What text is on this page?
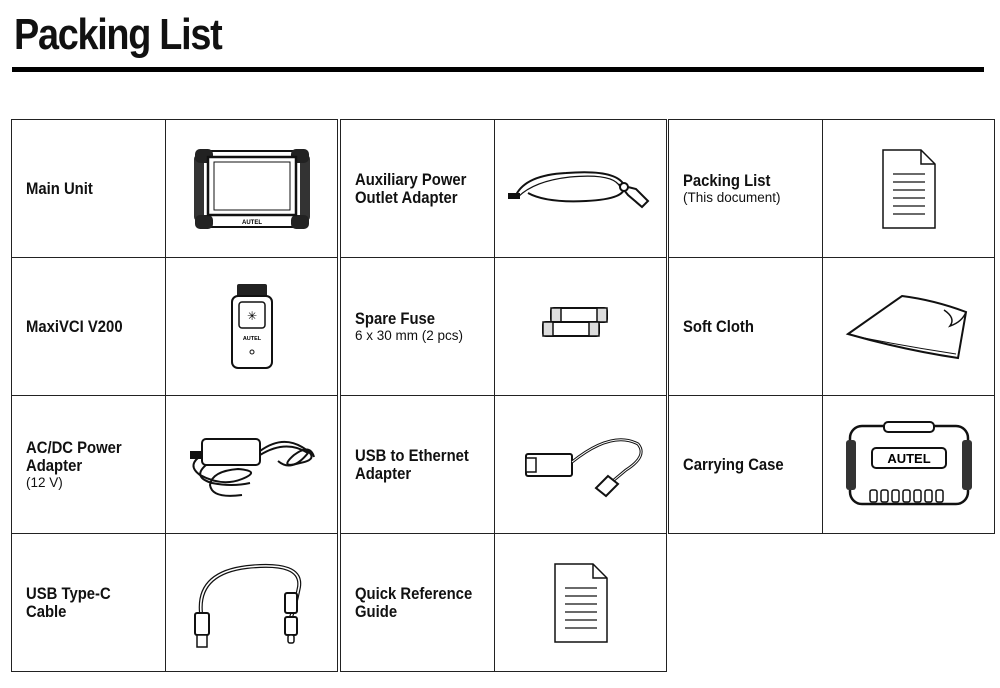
Packing List
Main Unit	AUTEL

MaxiVCI V200	✳
AUTEL

AC/DC Power
Adapter
(12 V)

USB Type-C Cable

Auxiliary Power
Outlet Adapter

Spare Fuse
6 x 30 mm (2 pcs)

USB to Ethernet
Adapter

Quick Reference
Guide

Packing List
(This document)

Soft Cloth

Carrying Case	AUTEL
